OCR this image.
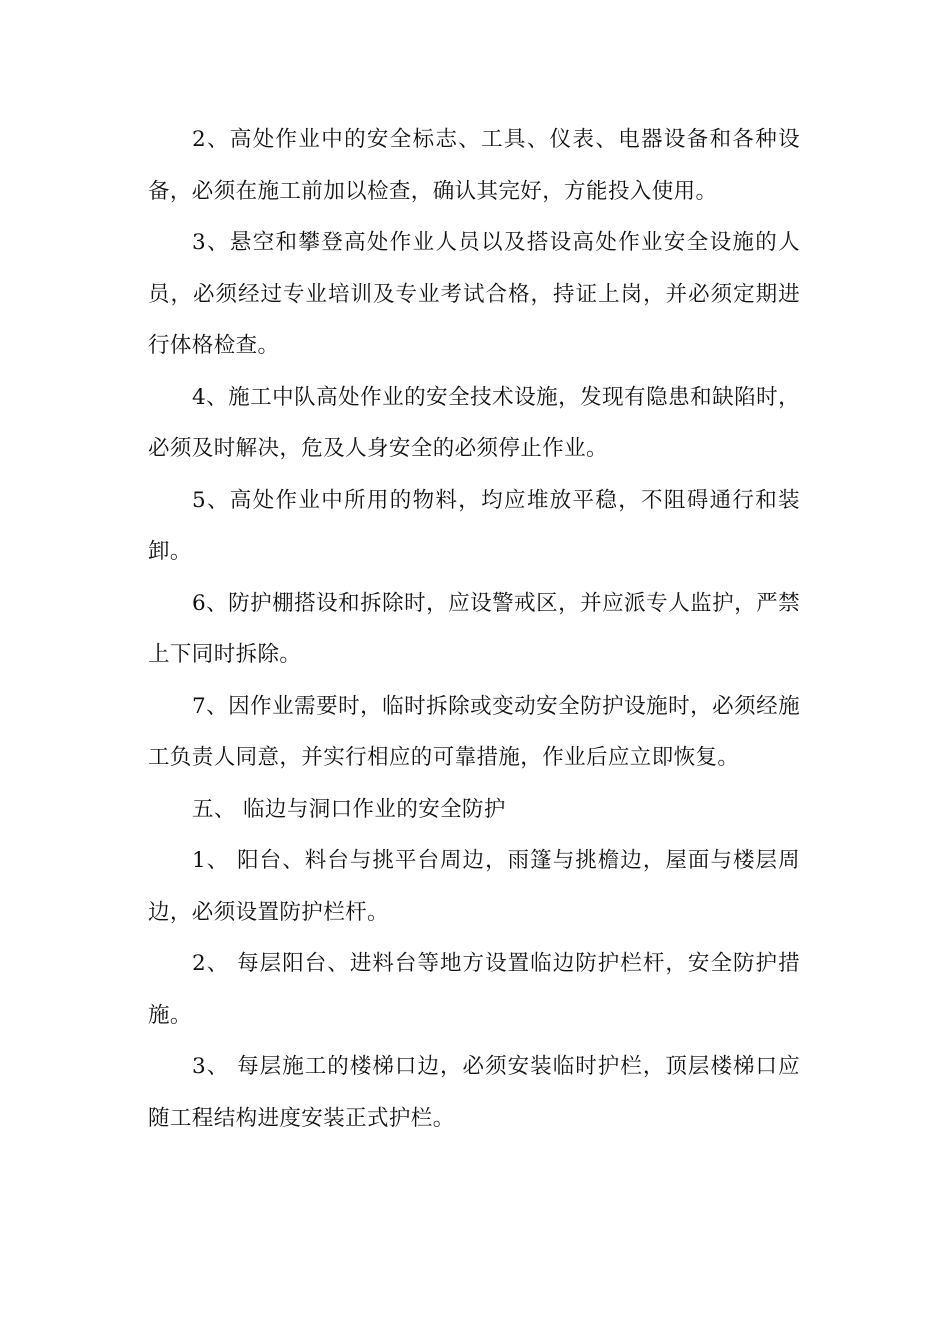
2、高处作业中的安全标志、工具、仪表、电器设备和各种设备，必须在施工前加以检查，确认其完好，方能投入使用。

3、悬空和攀登高处作业人员以及搭设高处作业安全设施的人员，必须经过专业培训及专业考试合格，持证上岗，并必须定期进行体格检查。

4、施工中队高处作业的安全技术设施，发现有隐患和缺陷时，必须及时解决，危及人身安全的必须停止作业。

5、高处作业中所用的物料，均应堆放平稳，不阻碍通行和装卸。

6、防护棚搭设和拆除时，应设警戒区，并应派专人监护，严禁上下同时拆除。

7、因作业需要时，临时拆除或变动安全防护设施时，必须经施工负责人同意，并实行相应的可靠措施，作业后应立即恢复。

五、 临边与洞口作业的安全防护

1、 阳台、料台与挑平台周边，雨篷与挑檐边，屋面与楼层周边，必须设置防护栏杆。

2、 每层阳台、进料台等地方设置临边防护栏杆，安全防护措施。

3、 每层施工的楼梯口边，必须安装临时护栏，顶层楼梯口应随工程结构进度安装正式护栏。
